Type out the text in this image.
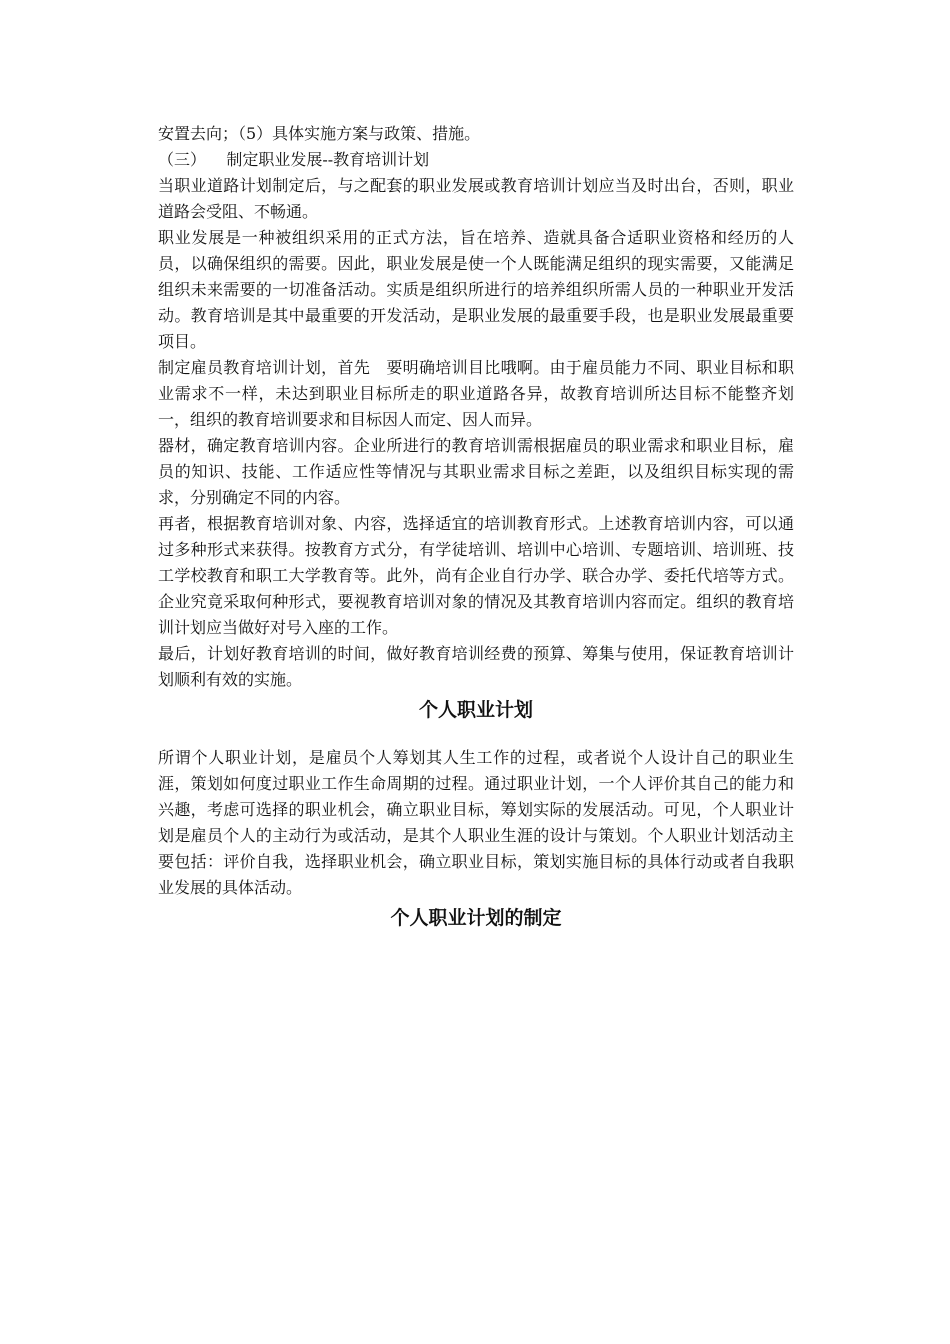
安置去向；（5）具体实施方案与政策、措施。

（三）    制定职业发展--教育培训计划

当职业道路计划制定后，与之配套的职业发展或教育培训计划应当及时出台，否则，职业道路会受阻、不畅通。

职业发展是一种被组织采用的正式方法，旨在培养、造就具备合适职业资格和经历的人员，以确保组织的需要。因此，职业发展是使一个人既能满足组织的现实需要，又能满足组织未来需要的一切准备活动。实质是组织所进行的培养组织所需人员的一种职业开发活动。教育培训是其中最重要的开发活动，是职业发展的最重要手段，也是职业发展最重要项目。

制定雇员教育培训计划，首先   要明确培训目比哦啊。由于雇员能力不同、职业目标和职业需求不一样，未达到职业目标所走的职业道路各异，故教育培训所达目标不能整齐划一，组织的教育培训要求和目标因人而定、因人而异。

器材，确定教育培训内容。企业所进行的教育培训需根据雇员的职业需求和职业目标，雇员的知识、技能、工作适应性等情况与其职业需求目标之差距，以及组织目标实现的需求，分别确定不同的内容。

再者，根据教育培训对象、内容，选择适宜的培训教育形式。上述教育培训内容，可以通过多种形式来获得。按教育方式分，有学徒培训、培训中心培训、专题培训、培训班、技工学校教育和职工大学教育等。此外，尚有企业自行办学、联合办学、委托代培等方式。企业究竟采取何种形式，要视教育培训对象的情况及其教育培训内容而定。组织的教育培训计划应当做好对号入座的工作。

最后，计划好教育培训的时间，做好教育培训经费的预算、筹集与使用，保证教育培训计划顺利有效的实施。

个人职业计划

所谓个人职业计划，是雇员个人筹划其人生工作的过程，或者说个人设计自己的职业生涯，策划如何度过职业工作生命周期的过程。通过职业计划，一个人评价其自己的能力和兴趣，考虑可选择的职业机会，确立职业目标，筹划实际的发展活动。可见，个人职业计划是雇员个人的主动行为或活动，是其个人职业生涯的设计与策划。个人职业计划活动主要包括：评价自我，选择职业机会，确立职业目标，策划实施目标的具体行动或者自我职业发展的具体活动。

个人职业计划的制定
